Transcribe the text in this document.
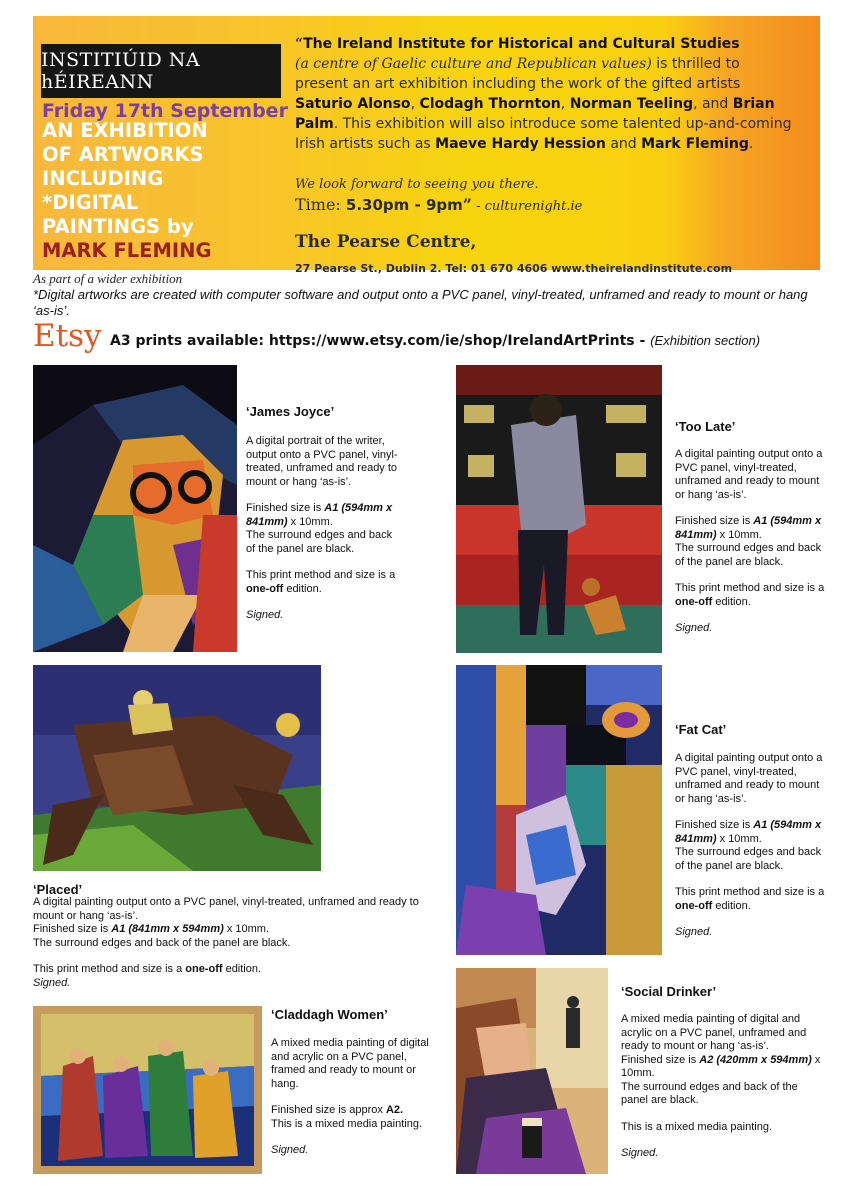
INSTITIÚID NA hÉIREANN
Friday 17th September
AN EXHIBITION
OF ARTWORKS
INCLUDING
*DIGITAL
PAINTINGS by
MARK FLEMING
“The Ireland Institute for Historical and Cultural Studies
(a centre of Gaelic culture and Republican values) is thrilled to present an art exhibition including the work of the gifted artists Saturio Alonso, Clodagh Thornton, Norman Teeling, and Brian Palm. This exhibition will also introduce some talented up-and-coming Irish artists such as Maeve Hardy Hession and Mark Fleming.
We look forward to seeing you there.
Time: 5.30pm - 9pm” - culturenight.ie
The Pearse Centre,
27 Pearse St., Dublin 2. Tel: 01 670 4606 www.theirelandinstitute.com
As part of a wider exhibition
*Digital artworks are created with computer software and output onto a PVC panel, vinyl-treated, unframed and ready to mount or hang ‘as-is’.
Etsy A3 prints available: https://www.etsy.com/ie/shop/IrelandArtPrints - (Exhibition section)
‘James Joyce’

A digital portrait of the writer, output onto a PVC panel, vinyl-treated, unframed and ready to mount or hang ‘as-is’.

Finished size is A1 (594mm x 841mm) x 10mm.

The surround edges and back of the panel are black.

This print method and size is a one-off edition.

Signed.

‘Too Late’

A digital painting output onto a PVC panel, vinyl-treated, unframed and ready to mount or hang ‘as-is’.

Finished size is A1 (594mm x 841mm) x 10mm.

The surround edges and back of the panel are black.

This print method and size is a one-off edition.

Signed.

‘Placed’

A digital painting output onto a PVC panel, vinyl-treated, unframed and ready to mount or hang ‘as-is’.

Finished size is A1 (841mm x 594mm) x 10mm.

The surround edges and back of the panel are black.

This print method and size is a one-off edition.

Signed.

‘Fat Cat’

A digital painting output onto a PVC panel, vinyl-treated, unframed and ready to mount or hang ‘as-is’.

Finished size is A1 (594mm x 841mm) x 10mm.

The surround edges and back of the panel are black.

This print method and size is a one-off edition.

Signed.

‘Claddagh Women’

A mixed media painting of digital and acrylic on a PVC panel, framed and ready to mount or hang.

Finished size is approx A2.

This is a mixed media painting.

Signed.

‘Social Drinker’

A mixed media painting of digital and acrylic on a PVC panel, unframed and ready to mount or hang ‘as-is’.

Finished size is A2 (420mm x 594mm) x 10mm.

The surround edges and back of the panel are black.

This is a mixed media painting.

Signed.
